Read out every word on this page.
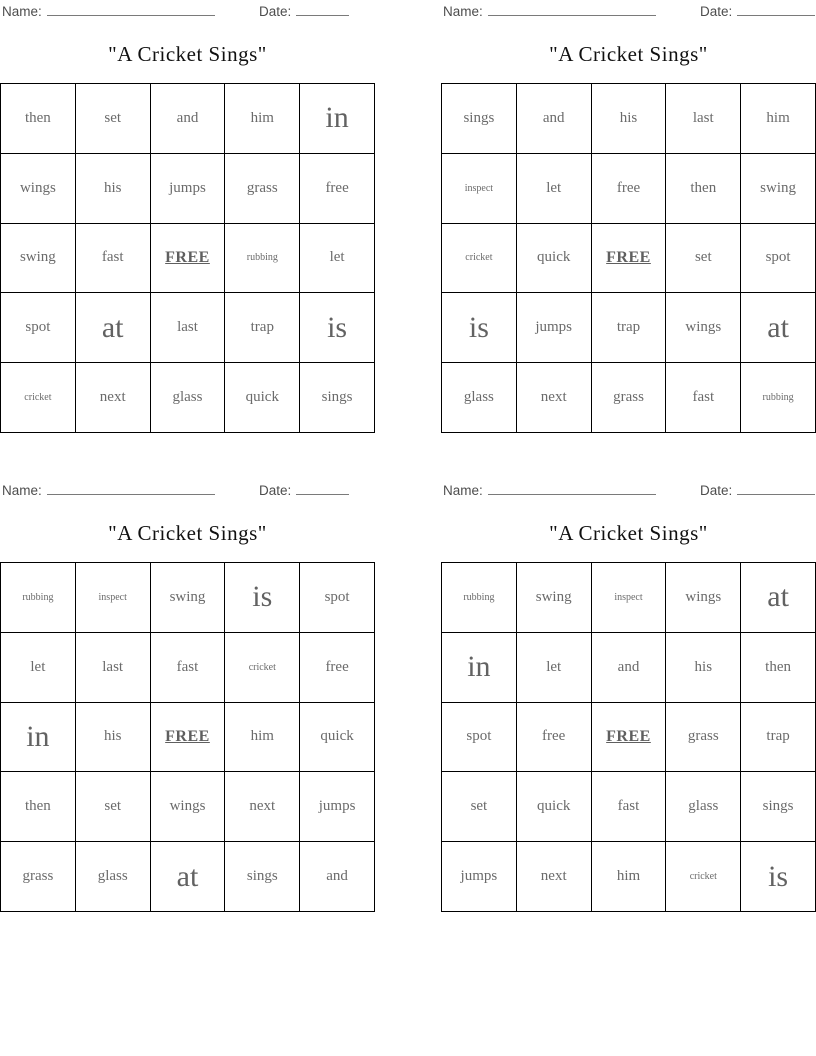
Name:	Date:
"A Cricket Sings"
then	set	and	him	in
wings	his	jumps	grass	free
swing	fast	FREE	rubbing	let
spot	at	last	trap	is
cricket	next	glass	quick	sings
Name:	Date:
"A Cricket Sings"
sings	and	his	last	him
inspect	let	free	then	swing
cricket	quick	FREE	set	spot
is	jumps	trap	wings	at
glass	next	grass	fast	rubbing
Name:	Date:
"A Cricket Sings"
rubbing	inspect	swing	is	spot
let	last	fast	cricket	free
in	his	FREE	him	quick
then	set	wings	next	jumps
grass	glass	at	sings	and
Name:	Date:
"A Cricket Sings"
rubbing	swing	inspect	wings	at
in	let	and	his	then
spot	free	FREE	grass	trap
set	quick	fast	glass	sings
jumps	next	him	cricket	is
